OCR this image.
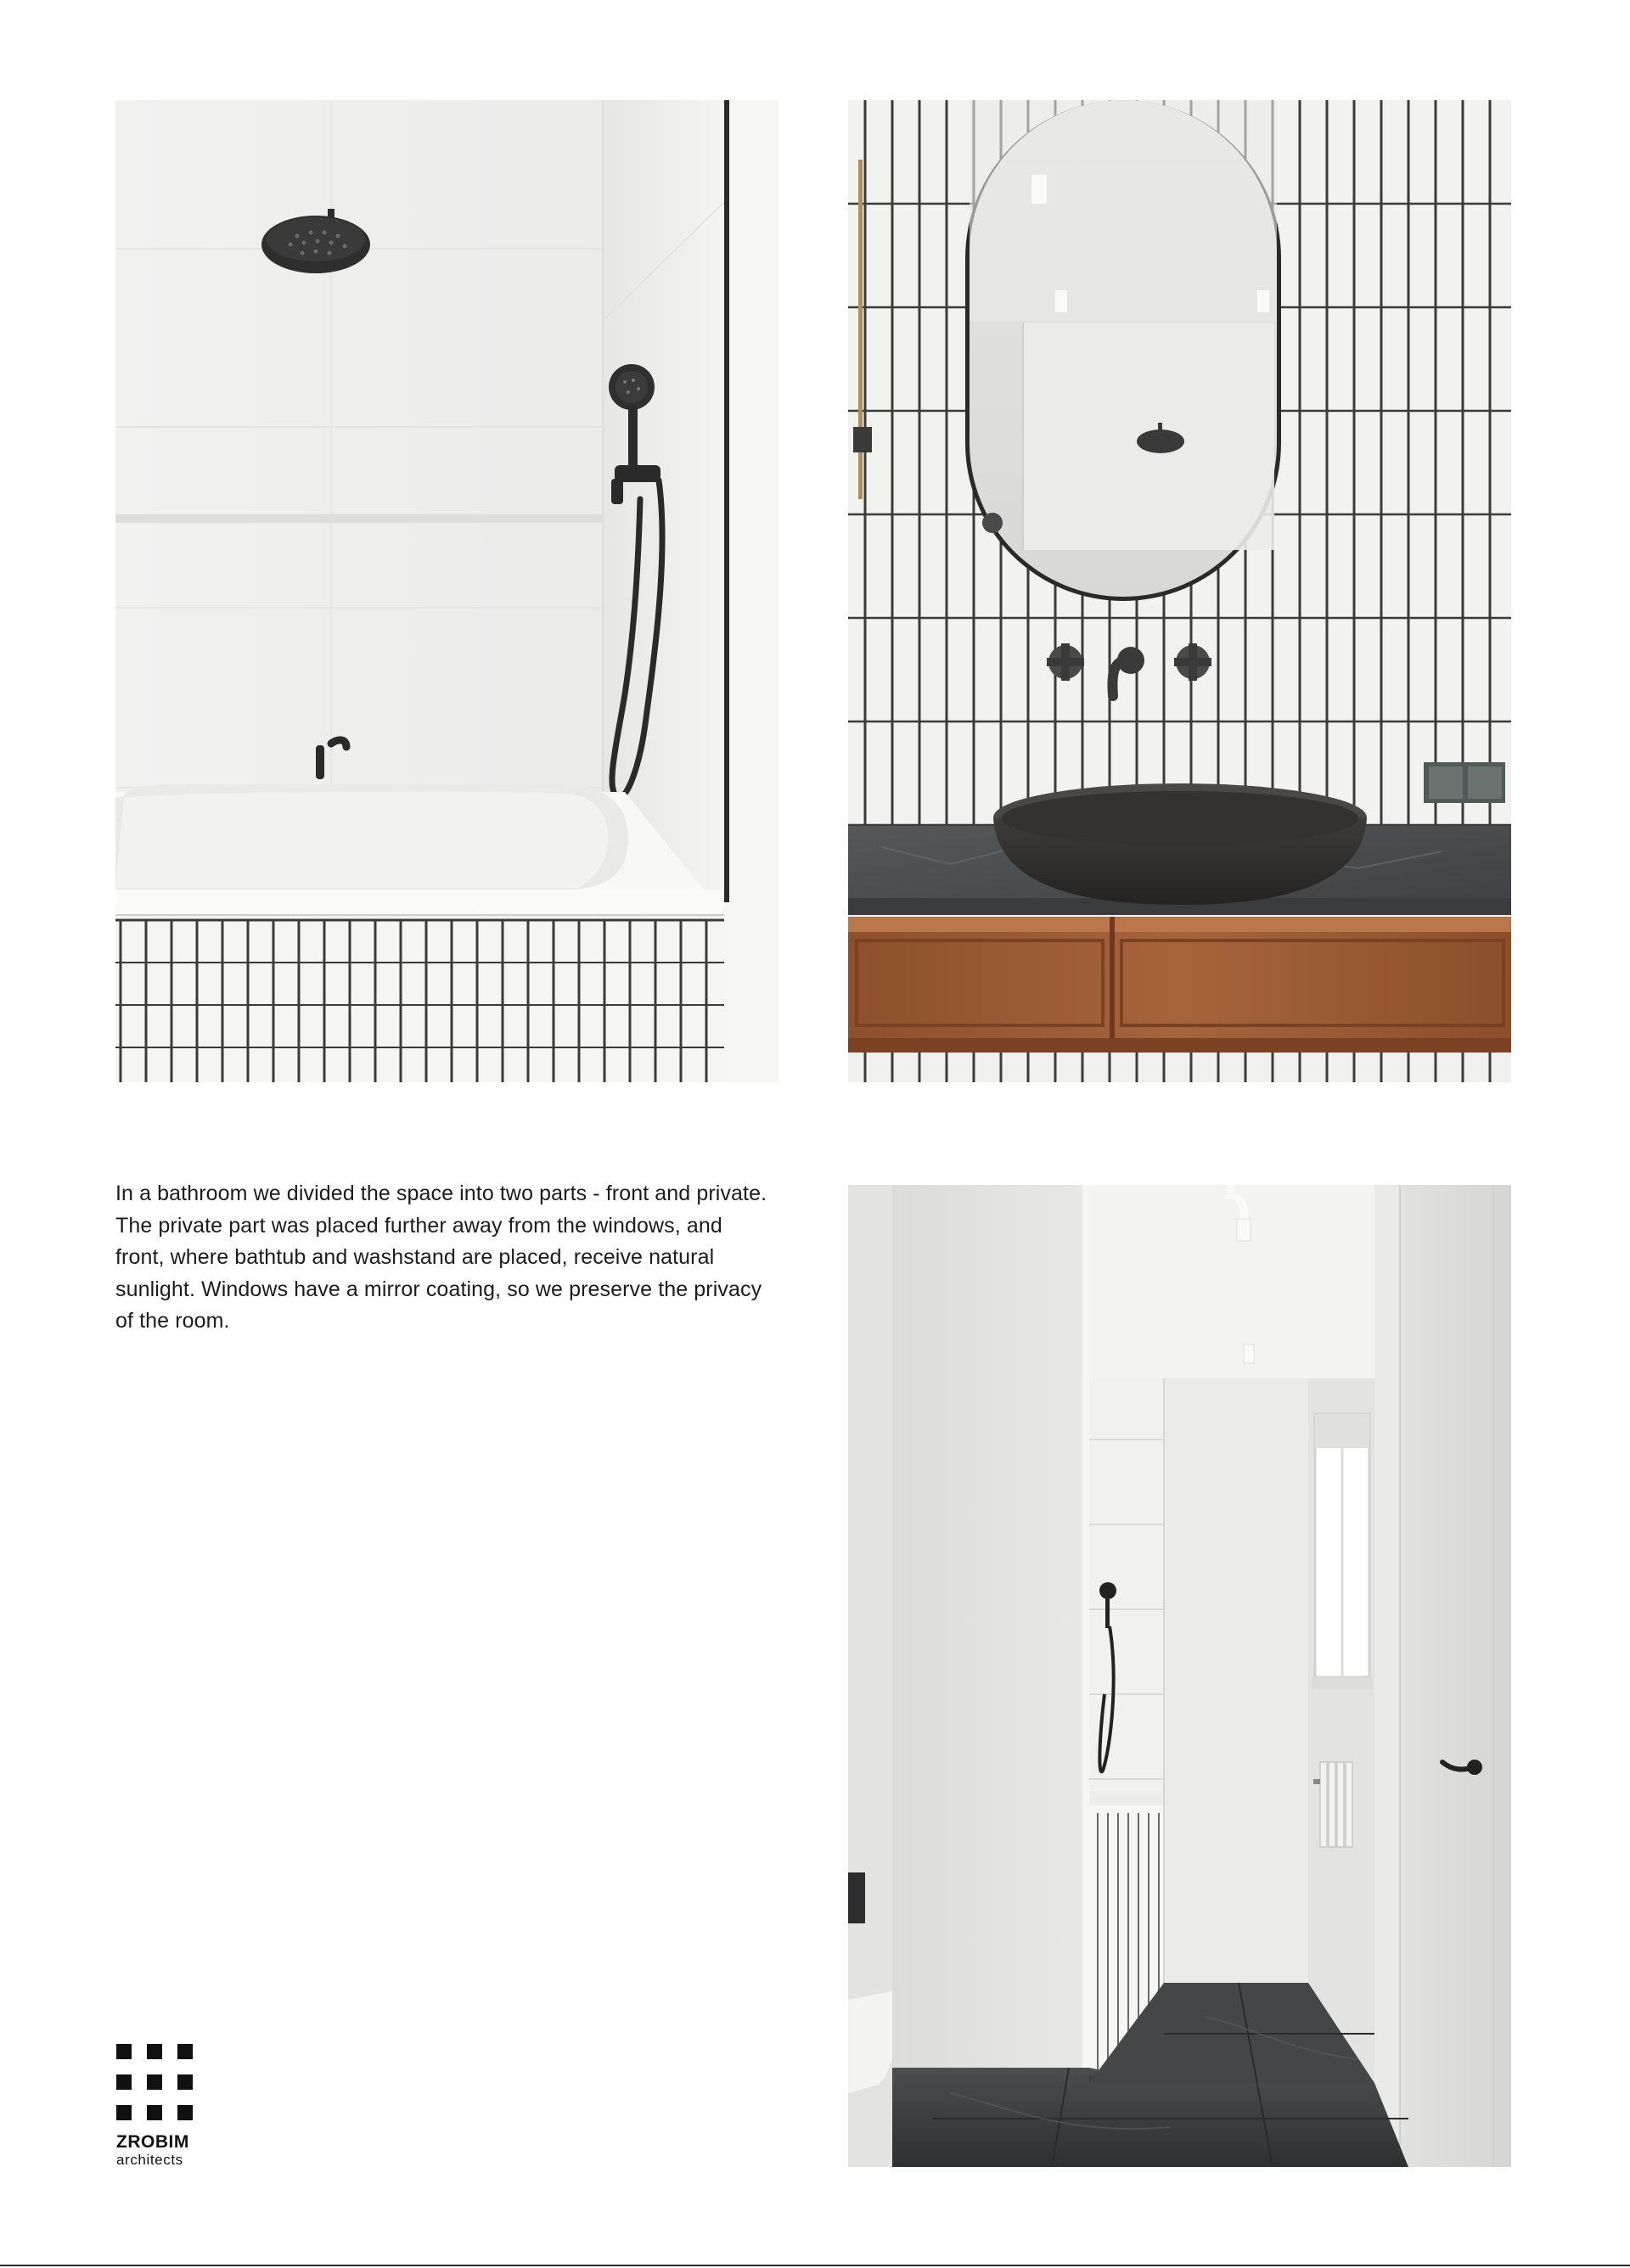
In a bathroom we divided the space into two parts - front and private. The private part was placed further away from the windows, and front, where bathtub and washstand are placed, receive natural sunlight. Windows have a mirror coating, so we preserve the privacy of the room.

ZROBIM
architects
